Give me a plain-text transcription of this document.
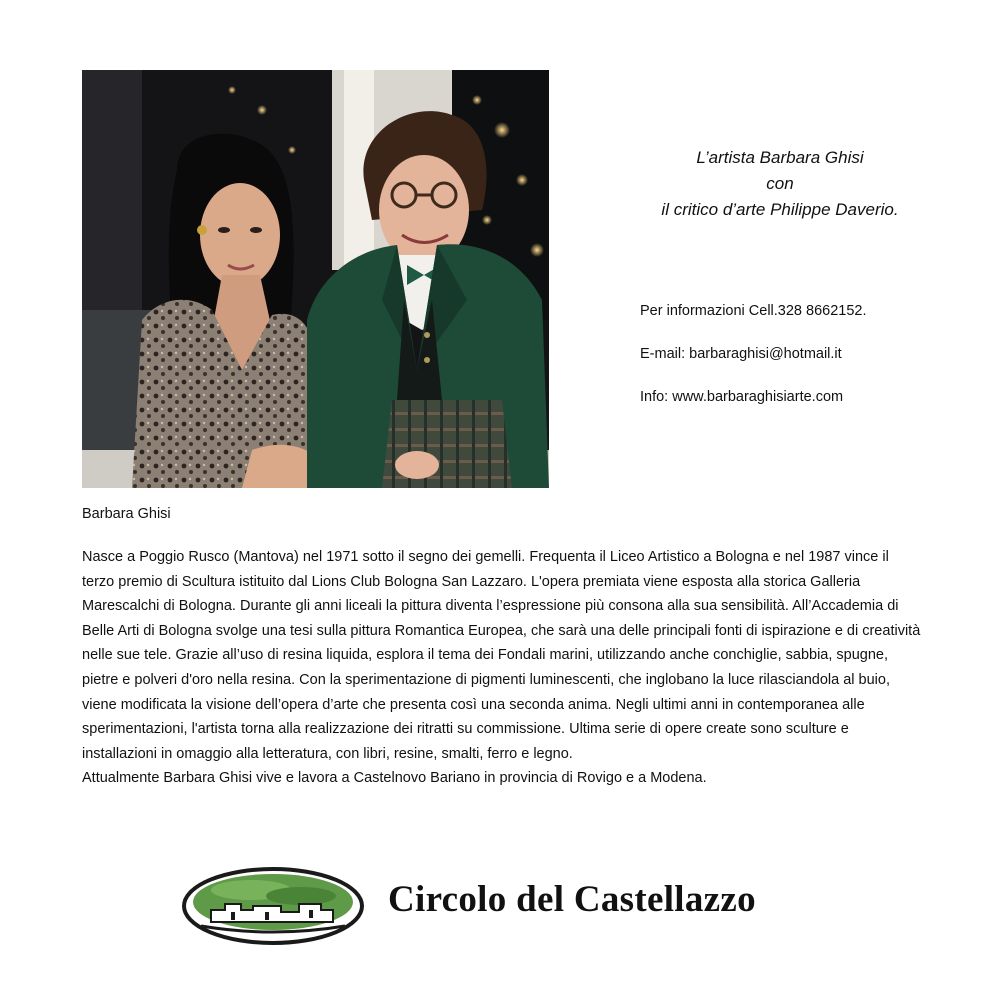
L’artista Barbara Ghisi
con
il critico d’arte Philippe Daverio.
Per informazioni Cell.328 8662152.
E-mail: barbaraghisi@hotmail.it
Info: www.barbaraghisiarte.com
Barbara Ghisi

Nasce a Poggio Rusco (Mantova) nel 1971 sotto il segno dei gemelli. Frequenta il Liceo Artistico a Bologna e nel 1987 vince il terzo premio di Scultura istituito dal Lions Club Bologna San Lazzaro. L'opera premiata viene esposta alla storica Galleria Marescalchi di Bologna. Durante gli anni liceali la pittura diventa l’espressione più consona alla sua sensibilità. All’Accademia di Belle Arti di Bologna svolge una tesi sulla pittura Romantica Europea, che sarà una delle principali fonti di ispirazione e di creatività nelle sue tele. Grazie all’uso di resina liquida, esplora il tema dei Fondali marini, utilizzando anche conchiglie, sabbia, spugne, pietre e polveri d'oro nella resina. Con la sperimentazione di pigmenti luminescenti, che inglobano la luce rilasciandola al buio, viene modificata la visione dell’opera d’arte che presenta così una seconda anima. Negli ultimi anni in contemporanea alle sperimentazioni, l'artista torna alla realizzazione dei ritratti su commissione. Ultima serie di opere create sono sculture e installazioni in omaggio alla letteratura, con libri, resine, smalti, ferro e legno.

Attualmente Barbara Ghisi vive e lavora a Castelnovo Bariano in provincia di Rovigo e a Modena.

Circolo del Castellazzo
